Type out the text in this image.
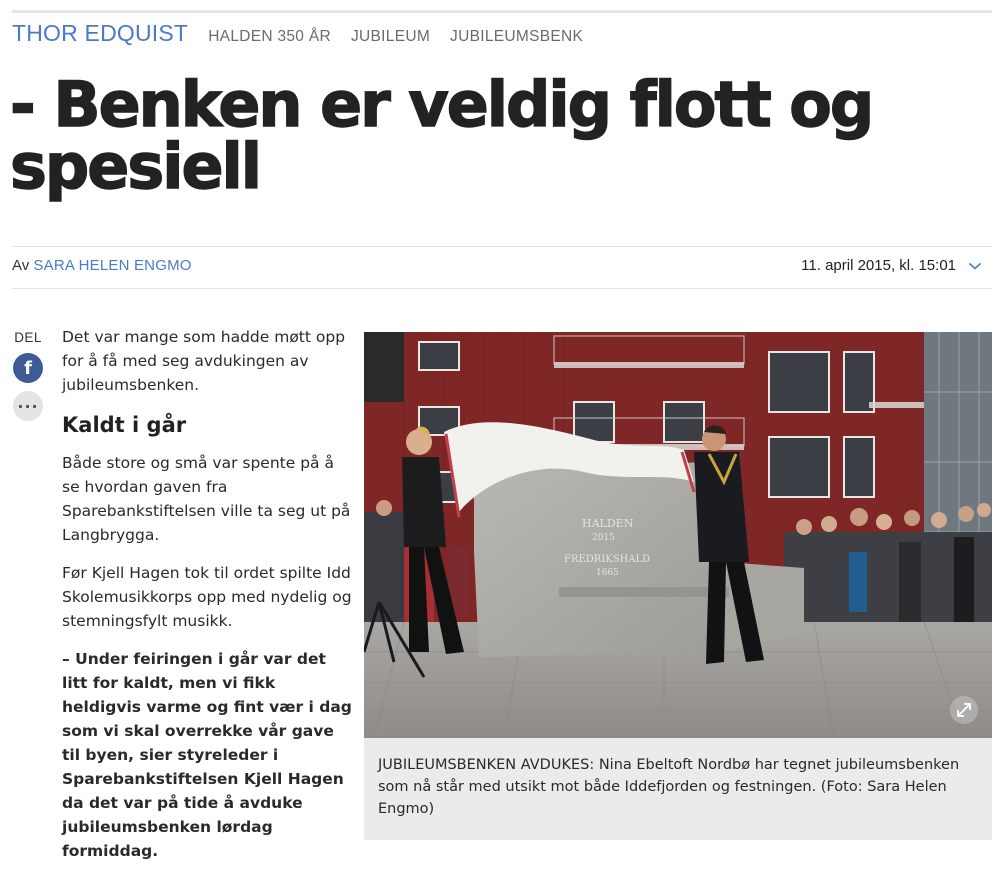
THOR EDQUIST HALDEN 350 ÅR JUBILEUM JUBILEUMSBENK
- Benken er veldig flott og spesiell
Av SARA HELEN ENGMO	11. april 2015, kl. 15:01
DEL
f
···

Det var mange som hadde møtt opp for å få med seg avdukingen av jubileumsbenken.

Kaldt i går

Både store og små var spente på å se hvordan gaven fra Sparebankstiftelsen ville ta seg ut på Langbrygga.

Før Kjell Hagen tok til ordet spilte Idd Skolemusikkorps opp med nydelig og stemningsfylt musikk.

– Under feiringen i går var det litt for kaldt, men vi fikk heldigvis varme og fint vær i dag som vi skal overrekke vår gave til byen, sier styreleder i Sparebankstiftelsen Kjell Hagen da det var på tide å avduke jubileumsbenken lørdag formiddag.

HALDEN
2015
FREDRIKSHALD
1665
JUBILEUMSBENKEN AVDUKES: Nina Ebeltoft Nordbø har tegnet jubileumsbenken som nå står med utsikt mot både Iddefjorden og festningen. (Foto: Sara Helen Engmo)
